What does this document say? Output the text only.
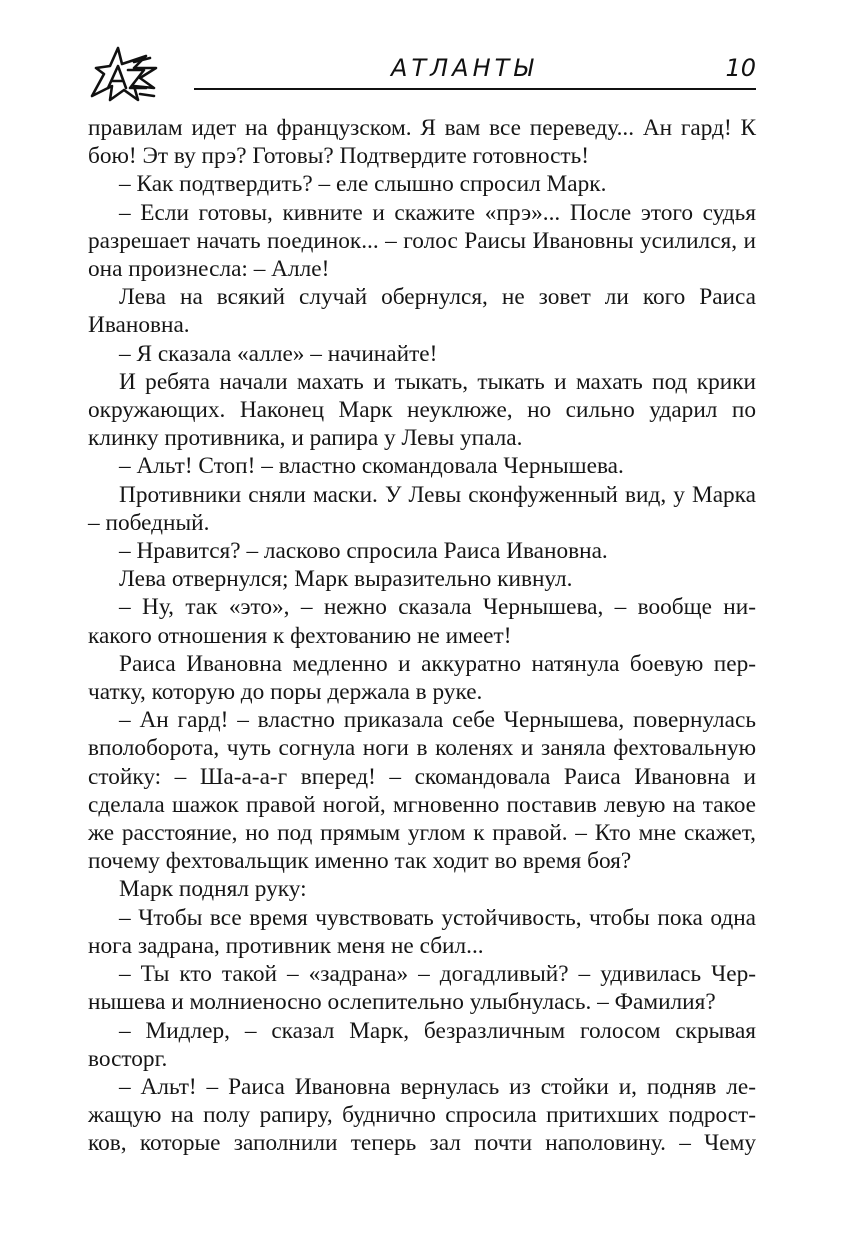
АТЛАНТЫ	10

правилам идет на французском. Я вам все переведу... Ан гард! К бою! Эт ву прэ? Готовы? Подтвердите готовность!

– Как подтвердить? – еле слышно спросил Марк.

– Если готовы, кивните и скажите «прэ»... После этого судья разрешает начать поединок... – голос Раисы Ивановны усилился, и она произнесла: – Алле!

Лева на всякий случай обернулся, не зовет ли кого Раиса Ивановна.

– Я сказала «алле» – начинайте!

И ребята начали махать и тыкать, тыкать и махать под крики окружающих. Наконец Марк неуклюже, но сильно ударил по клинку противника, и рапира у Левы упала.

– Альт! Стоп! – властно скомандовала Чернышева.

Противники сняли маски. У Левы сконфуженный вид, у Марка – победный.

– Нравится? – ласково спросила Раиса Ивановна.

Лева отвернулся; Марк выразительно кивнул.

– Ну, так «это», – нежно сказала Чернышева, – вообще никакого отношения к фехтованию не имеет!

Раиса Ивановна медленно и аккуратно натянула боевую перчатку, которую до поры держала в руке.

– Ан гард! – властно приказала себе Чернышева, повернулась вполоборота, чуть согнула ноги в коленях и заняла фехтовальную стойку: – Ша-а-а-г вперед! – скомандовала Раиса Ивановна и сделала шажок правой ногой, мгновенно поставив левую на такое же расстояние, но под прямым углом к правой. – Кто мне скажет, почему фехтовальщик именно так ходит во время боя?

Марк поднял руку:

– Чтобы все время чувствовать устойчивость, чтобы пока одна нога задрана, противник меня не сбил...

– Ты кто такой – «задрана» – догадливый? – удивилась Чернышева и молниеносно ослепительно улыбнулась. – Фамилия?

– Мидлер, – сказал Марк, безразличным голосом скрывая восторг.

– Альт! – Раиса Ивановна вернулась из стойки и, подняв лежащую на полу рапиру, буднично спросила притихших подростков, которые заполнили теперь зал почти наполовину. – Чему
